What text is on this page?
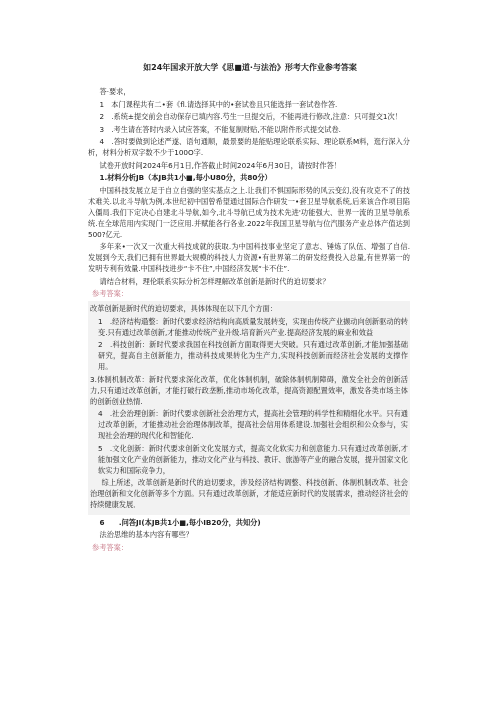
如24年国求开放大学《思■道·与法治》形考大作业参考答案

答·要求，

1　本门课程共有二•套《fl.请选择其中的•套试卷且只能选择一套试卷作答.

2　.系统±提交前会自动保存已填内容.芍生一旦提交后，不能再进行修改,注意：只可提交1次！

3　.考生请在答时内录入试应答案，不能复制财贴,不能以附件形式提交试卷.

4　.答时要做到论述严遂、语句通顺，最景要的是能贴理论联系实际、理论联系M料，逛行深入分析，材料分析双字数不少于100O字.

试卷开放时间2024年6月1日,作答截止时间2024年6月30日，请按时作答！

1.材料分析JB（本JB共1小■,每小U80分，共80分）

中国科技发展立足于自立自强的坚实基点之上.让我们不惧国际形势的风云变幻,没有攻克不了的技术难关.以北斗导航为例,本世纪初中国曾希望通过国际合作研发一•套卫星导航系统,后来该合作项目陷入僵局.我们下定决心自建北斗导航,如今,北斗导航已成为技术先进'功能强大、世界一流的卫星导航系统.在全球范用内实现门一泛应用.并赋能各行各业.2022年我国卫星导航与位汽服务产业总体产值达到500?亿元.

多年来•一次又一次重大科技成就的获取.为中国科技事业坚定了意志、锤炼了队伍、增强了自信.发展到今天,我们已拥有世界最大规模的科技人力资源•有世界第二的研发经费投入总量,有世界第一的发明专利有效量.中国科技进步“卡不住”,中国经济发展“卡不住”.

请结合材料，理伦联系实际分析怎样理解改革创新是新时代的迫切要求？

参考答案：

改革创新是新时代的迫切要求，具体体现在以下几个方面：

1　.经济结构遢整：新时代要求经济结构向高质量发展转变，实现由传统产业撷动向创新驱动的转变.只有通过改革创新,才能推动传统产业升级.培育新兴产业.提高经济发展的麻业和效益

2　.科技创新：新时代要求我国在科技创新方面取得更大突破。只有通过改革创新,才能加强基础研究，提高自主创新能力，推动科技成果转化为生产力,实现科技创新而经济社会发展的支撑作用。

3.体制机制改革：新时代要求深化改革，优化体制机制，破除体制机制障碍，激发全社会的创新活力,只有通过改革创新，才能打破行政垄断,推动市场化改革，提高资源配置效率，激发各类市场主体的创新创业热情.

4　.社会治理创新：新时代要求创新社会治理方式，提高社会管理的科学性和精细化水平。只有通过改革创新，才能推动社会治理体制改革，提高社会信用体系建设.加强社会组织和公众参与，实现社会治理的现代化和智能化.

5　.文化创新：新时代要求创新文化发展方式，提高文化软实力和创意能力.只有通过改革创新,才能加强文化产业的创新能力，推动文化产业与科技、教讦、旅游等产业的融合发展，提升国家文化软实力和国际竞争力，

综上所述，改革创新是新时代的迫切要求，涉及经济结构调整、科技创新、体制机制改革、社会治理创新和文化创新等多个方面。只有通过改革创新，才能适应新时代的发展需求，推动经济社会的持续健康发展．

6　　.问答JI(本JB共1小■,每小IB20分，共知分)

法治思维的基本内容有哪些？

参考答案：
